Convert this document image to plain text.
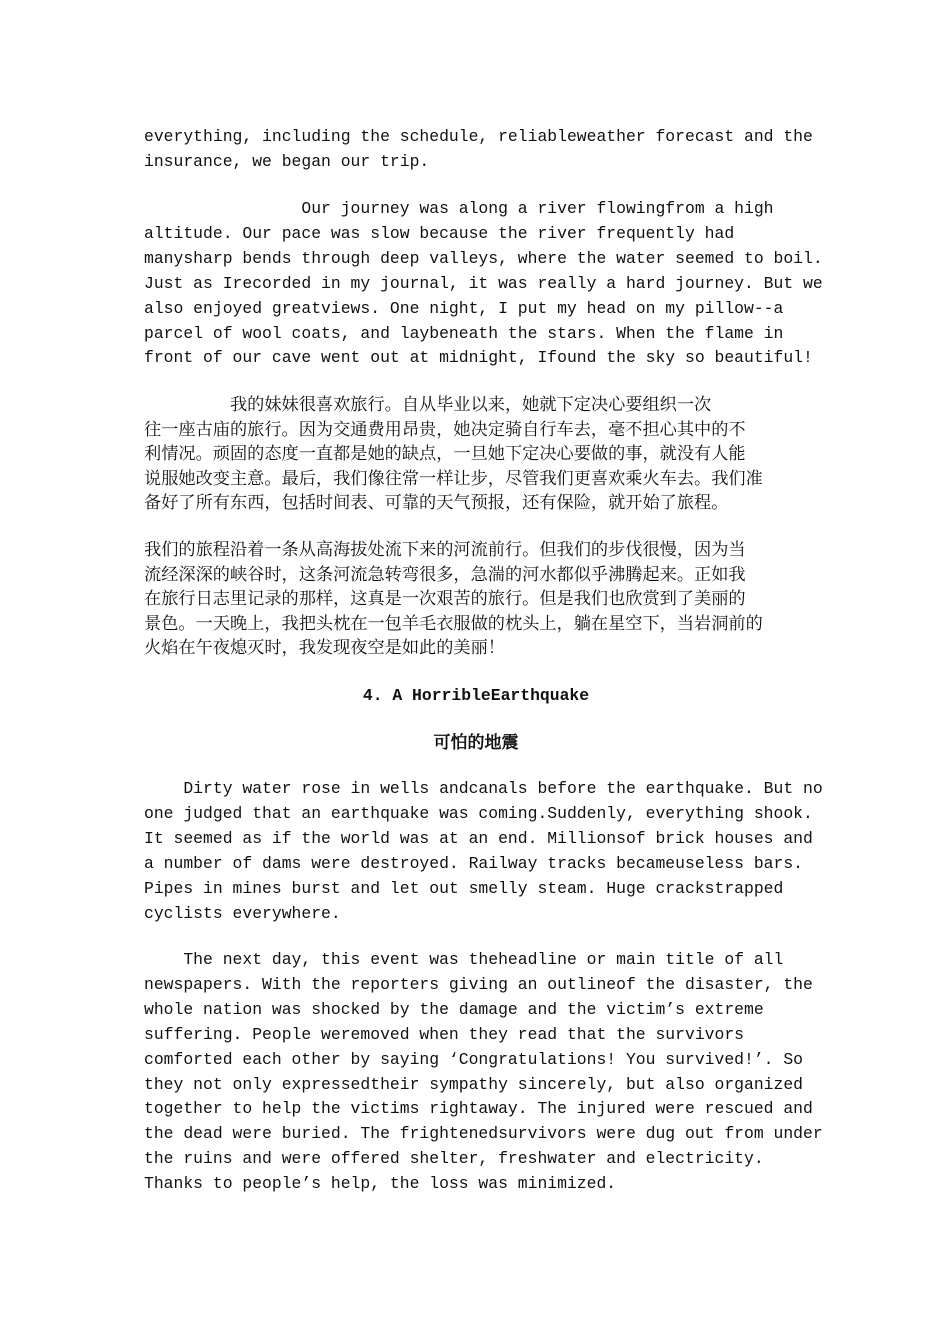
everything, including the schedule, reliableweather forecast and the
insurance, we began our trip.
Our journey was along a river flowingfrom a high
altitude. Our pace was slow because the river frequently had
manysharp bends through deep valleys, where the water seemed to boil.
Just as Irecorded in my journal, it was really a hard journey. But we
also enjoyed greatviews. One night, I put my head on my pillow--a
parcel of wool coats, and laybeneath the stars. When the flame in
front of our cave went out at midnight, Ifound the sky so beautiful!
　　　　　我的妹妹很喜欢旅行。自从毕业以来，她就下定决心要组织一次
往一座古庙的旅行。因为交通费用昂贵，她决定骑自行车去，毫不担心其中的不
利情况。顽固的态度一直都是她的缺点，一旦她下定决心要做的事，就没有人能
说服她改变主意。最后，我们像往常一样让步，尽管我们更喜欢乘火车去。我们准
备好了所有东西，包括时间表、可靠的天气预报，还有保险，就开始了旅程。
我们的旅程沿着一条从高海拔处流下来的河流前行。但我们的步伐很慢，因为当
流经深深的峡谷时，这条河流急转弯很多，急湍的河水都似乎沸腾起来。正如我
在旅行日志里记录的那样，这真是一次艰苦的旅行。但是我们也欣赏到了美丽的
景色。一天晚上，我把头枕在一包羊毛衣服做的枕头上，躺在星空下，当岩洞前的
火焰在午夜熄灭时，我发现夜空是如此的美丽！
4. A HorribleEarthquake
可怕的地震
Dirty water rose in wells andcanals before the earthquake. But no
one judged that an earthquake was coming.Suddenly, everything shook.
It seemed as if the world was at an end. Millionsof brick houses and
a number of dams were destroyed. Railway tracks becameuseless bars.
Pipes in mines burst and let out smelly steam. Huge crackstrapped
cyclists everywhere.
The next day, this event was theheadline or main title of all
newspapers. With the reporters giving an outlineof the disaster, the
whole nation was shocked by the damage and the victim’s extreme
suffering. People weremoved when they read that the survivors
comforted each other by saying ‘Congratulations! You survived!’. So
they not only expressedtheir sympathy sincerely, but also organized
together to help the victims rightaway. The injured were rescued and
the dead were buried. The frightenedsurvivors were dug out from under
the ruins and were offered shelter, freshwater and electricity.
Thanks to people’s help, the loss was minimized.
